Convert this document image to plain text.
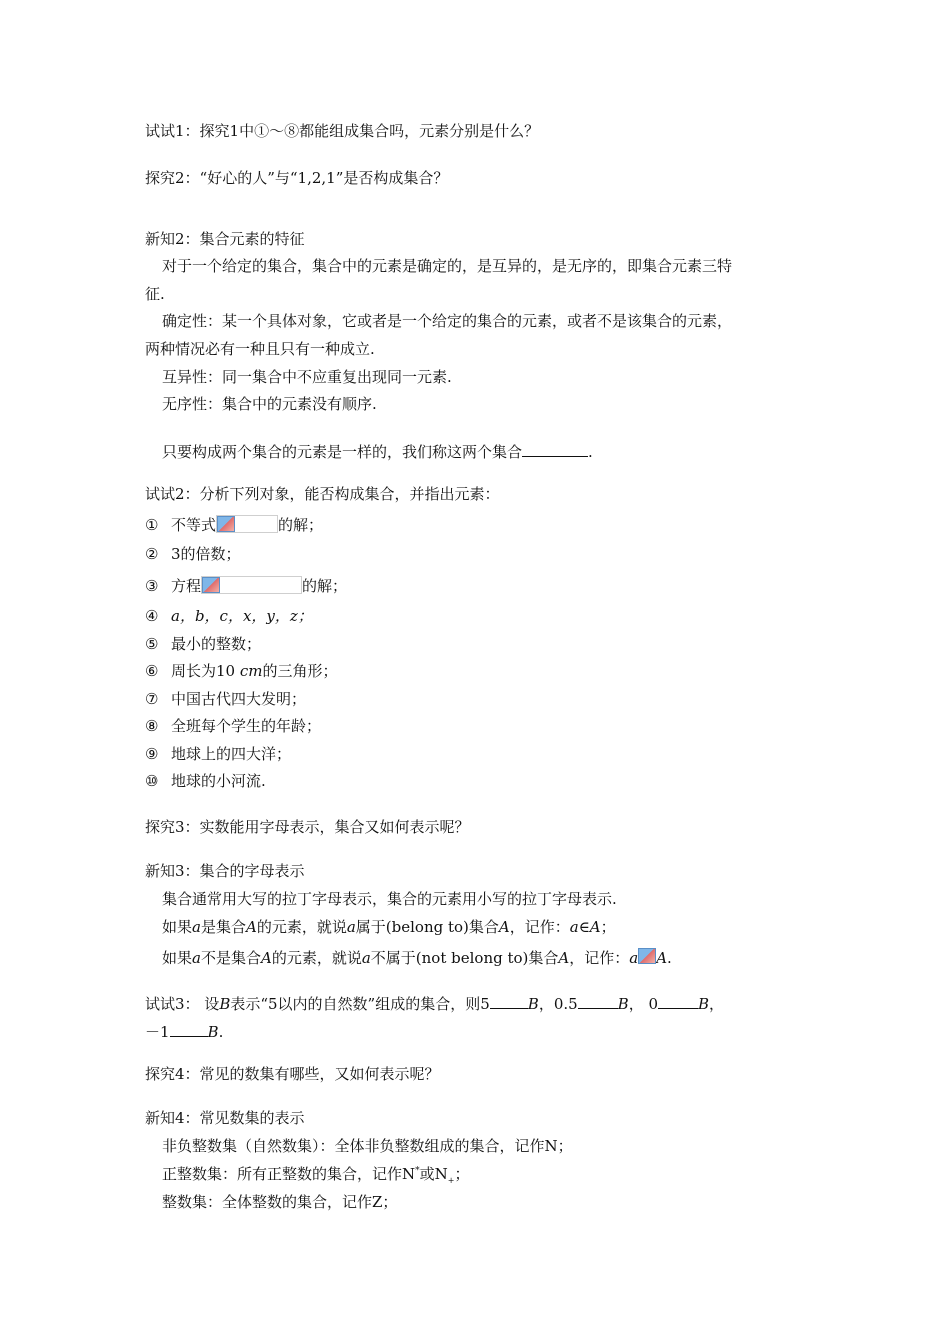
试试1：探究1中①～⑧都能组成集合吗，元素分别是什么？
探究2：“好心的人”与“1,2,1”是否构成集合？
新知2：集合元素的特征
对于一个给定的集合，集合中的元素是确定的，是互异的，是无序的，即集合元素三特
征.
确定性：某一个具体对象，它或者是一个给定的集合的元素，或者不是该集合的元素，
两种情况必有一种且只有一种成立.
互异性：同一集合中不应重复出现同一元素.
无序性：集合中的元素没有顺序.
只要构成两个集合的元素是一样的，我们称这两个集合	.
试试2：分析下列对象，能否构成集合，并指出元素：
① 不等式	的解；
② 3的倍数；
③ 方程	的解；
④ a，b，c，x，y，z；
⑤ 最小的整数；
⑥ 周长为10 cm的三角形；
⑦ 中国古代四大发明；
⑧ 全班每个学生的年龄；
⑨ 地球上的四大洋；
⑩ 地球的小河流.
探究3：实数能用字母表示，集合又如何表示呢？
新知3：集合的字母表示
集合通常用大写的拉丁字母表示，集合的元素用小写的拉丁字母表示.
如果a是集合A的元素，就说a属于(belong to)集合A，记作：a∈A；
如果a不是集合A的元素，就说a不属于(not belong to)集合A，记作：a A.
试试3： 设B表示“5以内的自然数”组成的集合，则5	B，0.5	B， 0	B，
－1	B.
探究4：常见的数集有哪些，又如何表示呢？
新知4：常见数集的表示
非负整数集（自然数集）：全体非负整数组成的集合，记作N；
正整数集：所有正整数的集合，记作N*或$N_+$；
整数集：全体整数的集合，记作Z；
